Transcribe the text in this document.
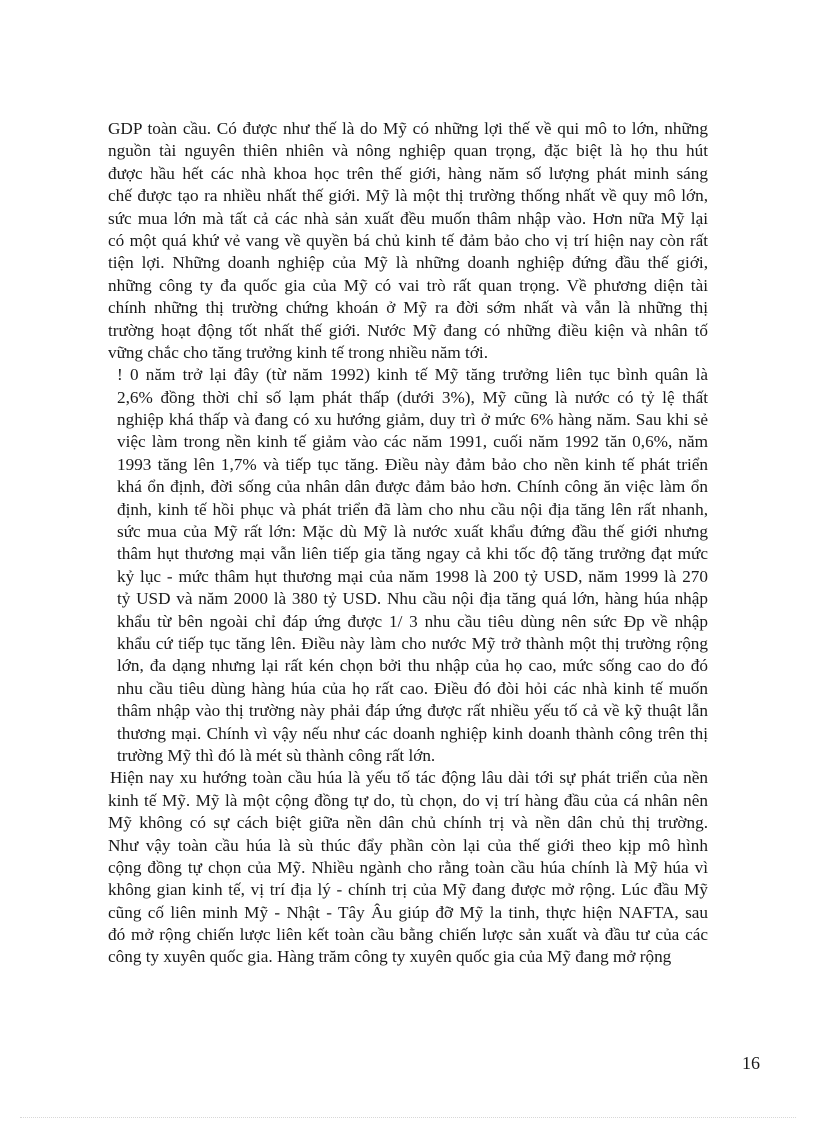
GDP toàn cầu. Có được như thế là do Mỹ có những lợi thế về qui mô to lớn, những
nguồn tài nguyên thiên nhiên và nông nghiệp quan trọng, đặc biệt là họ thu hút
được hầu hết các nhà khoa học trên thế giới, hàng năm số lượng phát minh sáng
chế được tạo ra nhiều nhất thế giới. Mỹ là một thị trường thống nhất về quy mô lớn,
sức mua lớn mà tất cả các nhà sản xuất đều muốn thâm nhập vào. Hơn nữa Mỹ lại
có một quá khứ vẻ vang về quyền bá chủ kinh tế đảm bảo cho vị trí hiện nay còn rất
tiện lợi. Những doanh nghiệp của Mỹ là những doanh nghiệp đứng đầu thế giới,
những công ty đa quốc gia của Mỹ có vai trò rất quan trọng. Về phương diện tài
chính những thị trường chứng khoán ở Mỹ ra đời sớm nhất và vẫn là những thị
trường hoạt động tốt nhất thế giới. Nước Mỹ đang có những điều kiện và nhân tố
vững chắc cho tăng trưởng kinh tế trong nhiều năm tới.
! 0 năm trở lại đây (từ năm 1992) kinh tế Mỹ tăng trưởng liên tục bình quân là
2,6% đồng thời chỉ số lạm phát thấp (dưới 3%), Mỹ cũng là nước có tỷ lệ thất
nghiệp khá thấp và đang có xu hướng giảm, duy trì ở mức 6% hàng năm. Sau khi sẻ
việc làm trong nền kinh tế giảm vào các năm 1991, cuối năm 1992 tăn 0,6%, năm
1993 tăng lên 1,7% và tiếp tục tăng. Điều này đảm bảo cho nền kinh tế phát triển
khá ổn định, đời sống của nhân dân được đảm bảo hơn. Chính công ăn việc làm ổn
định, kinh tế hồi phục và phát triển đã làm cho nhu cầu nội địa tăng lên rất nhanh,
sức mua của Mỹ rất lớn: Mặc dù Mỹ là nước xuất khẩu đứng đầu thế giới nhưng
thâm hụt thương mại vẫn liên tiếp gia tăng ngay cả khi tốc độ tăng trưởng đạt mức
kỷ lục - mức thâm hụt thương mại của năm 1998 là 200 tỷ USD, năm 1999 là 270
tỷ USD và năm 2000 là 380 tỷ USD. Nhu cầu nội địa tăng quá lớn, hàng húa nhập
khẩu từ bên ngoài chỉ đáp ứng được 1/ 3 nhu cầu tiêu dùng nên sức Đp về nhập
khẩu cứ tiếp tục tăng lên. Điều này làm cho nước Mỹ trở thành một thị trường rộng
lớn, đa dạng nhưng lại rất kén chọn bởi thu nhập của họ cao, mức sống cao do đó
nhu cầu tiêu dùng hàng húa của họ rất cao. Điều đó đòi hỏi các nhà kinh tế muốn
thâm nhập vào thị trường này phải đáp ứng được rất nhiều yếu tố cả về kỹ thuật lẫn
thương mại. Chính vì vậy nếu như các doanh nghiệp kinh doanh thành công trên thị
trường Mỹ thì đó là mét sù thành công rất lớn.
Hiện nay xu hướng toàn cầu húa là yếu tố tác động lâu dài tới sự phát triển của nền
kinh tế Mỹ. Mỹ là một cộng đồng tự do, tù chọn, do vị trí hàng đầu của cá nhân nên
Mỹ không có sự cách biệt giữa nền dân chủ chính trị và nền dân chủ thị trường.
Như vậy toàn cầu húa là sù thúc đẩy phần còn lại của thế giới theo kịp mô hình
cộng đồng tự chọn của Mỹ. Nhiều ngành cho rằng toàn cầu húa chính là Mỹ húa vì
không gian kinh tế, vị trí địa lý - chính trị của Mỹ đang được mở rộng. Lúc đầu Mỹ
cũng cố liên minh Mỹ - Nhật - Tây Âu giúp đỡ Mỹ la tinh, thực hiện NAFTA, sau
đó mở rộng chiến lược liên kết toàn cầu bằng chiến lược sản xuất và đầu tư của các
công ty xuyên quốc gia. Hàng trăm công ty xuyên quốc gia của Mỹ đang mở rộng
16
